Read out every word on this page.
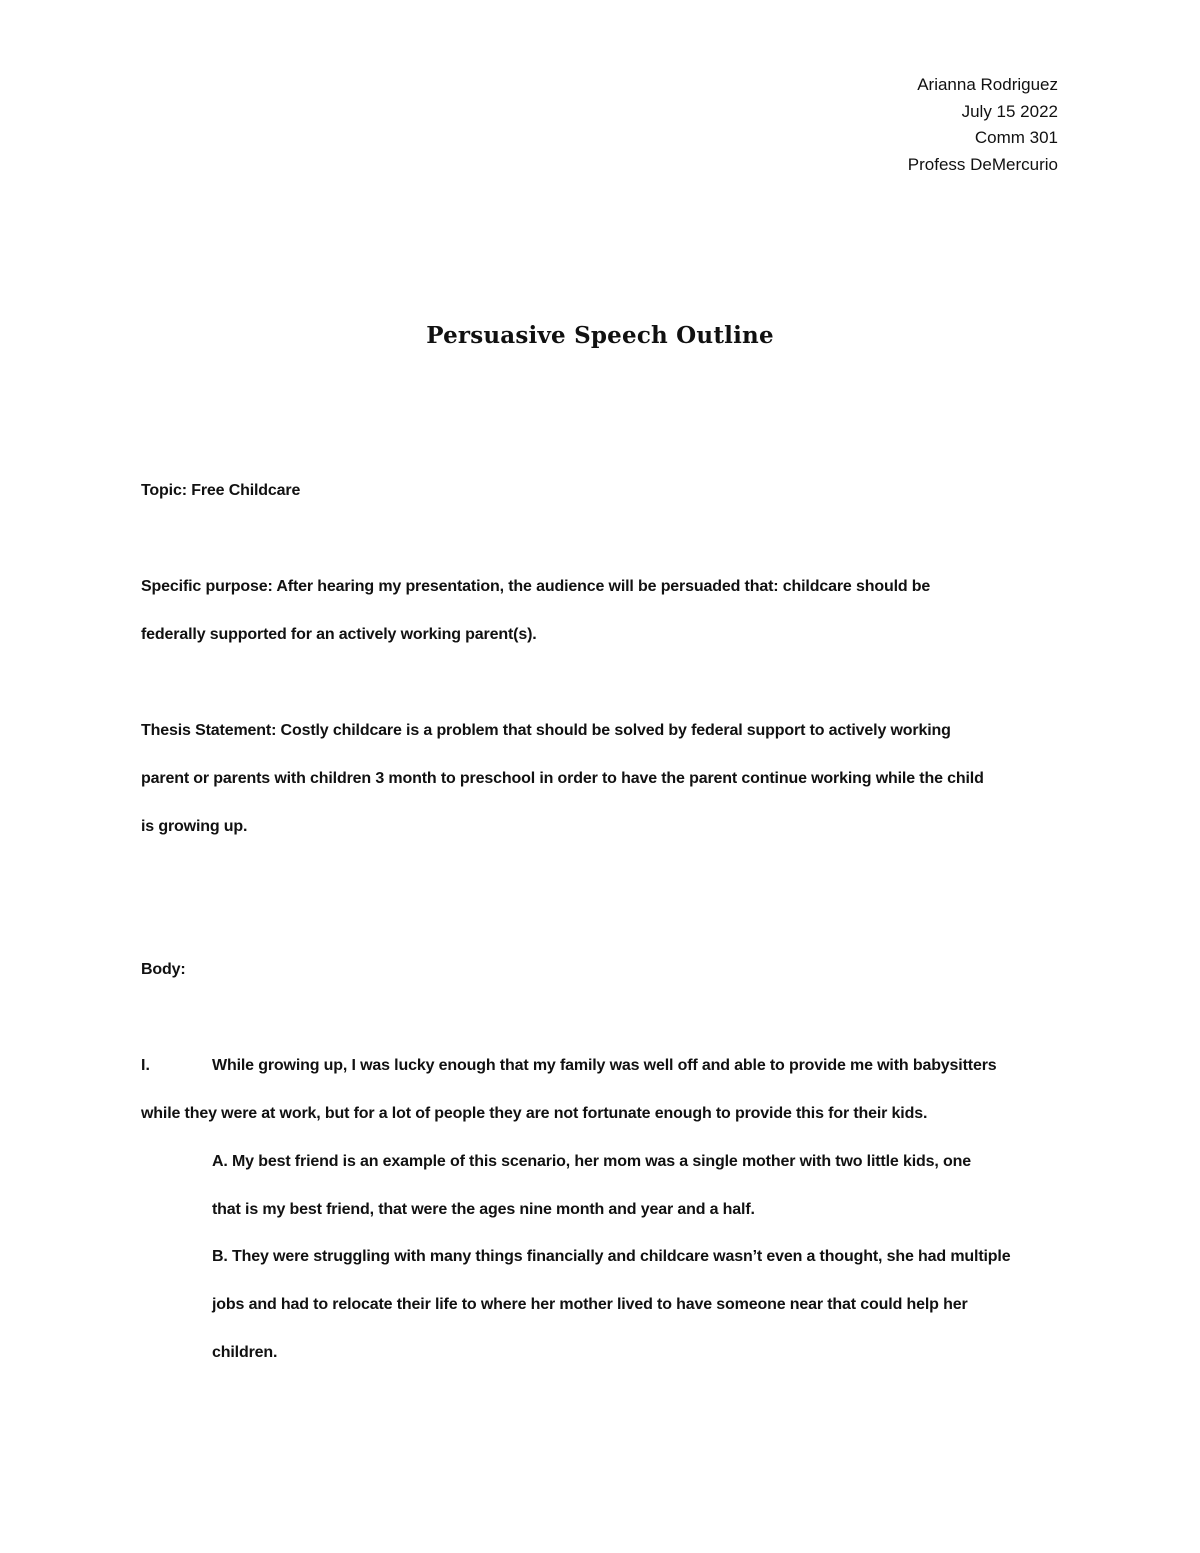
Arianna Rodriguez
July 15 2022
Comm 301
Profess DeMercurio
Persuasive Speech Outline
Topic: Free Childcare
Specific purpose: After hearing my presentation, the audience will be persuaded that: childcare should be
federally supported for an actively working parent(s).
Thesis Statement: Costly childcare is a problem that should be solved by federal support to actively working
parent or parents with children 3 month to preschool in order to have the parent continue working while the child
is growing up.
Body:
I.	While growing up, I was lucky enough that my family was well off and able to provide me with babysitters
while they were at work, but for a lot of people they are not fortunate enough to provide this for their kids.
A. My best friend is an example of this scenario, her mom was a single mother with two little kids, one
that is my best friend, that were the ages nine month and year and a half.
B. They were struggling with many things financially and childcare wasn’t even a thought, she had multiple
jobs and had to relocate their life to where her mother lived to have someone near that could help her
children.
